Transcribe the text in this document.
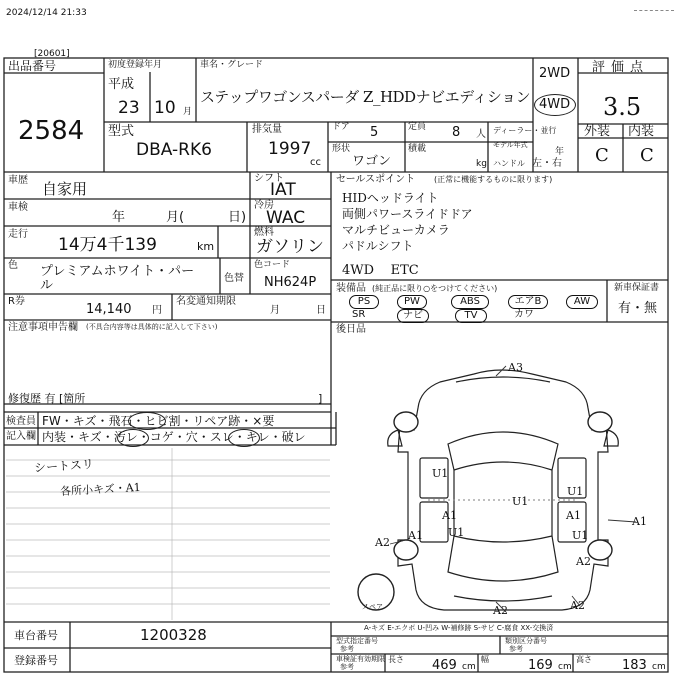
2024/12/14 21:33
[20601]
出品番号
2584
初度登録年月
平成
23 10 月
車名・グレード
ステップワゴンスパーダ Z_HDDナビエディション
2WD
4WD
評価点
3.5
外装 内装
C C
型式
DBA-RK6
排気量
1997
cc
ドア 5	定員 8 人
形状
ワゴン
積載
kg
ディーラー・並行
モデル年式
年
ハンドル 左・右
車歴 自家用
車検
年	月(	日)
走行
14万4千139	km
シフト
IAT
冷房
WAC
燃料
ガソリン
色 プレミアムホワイト・パー
ル	色替
色コード
NH624P
R券
14,140 円
名変通知期限
月	日
注意事項申告欄 (不具合内容等は具体的に記入して下さい)
修復歴 有 [箇所	]
セールスポイント (正常に機能するものに限ります)
HIDヘッドライト
両側パワースライドドア
マルチビューカメラ
パドルシフト
4WD    ETC
装備品 (純正品に限り○をつけてください)
PS	PW	ABS	エアB	AW
SR	ナビ	TV	カワ
新車保証書
有・無
後日品
検査員 FW・キズ・飛石・ヒビ割・リペア跡・×要
記入欄 内装・キズ・汚レ・コゲ・穴・スレ・キレ・破レ
シートスリ
各所小キズ・A1
A3
U1
U1
U1
A1	A1	A1
A1 U1	U1
A2
A2
A2	A2
スペア
A-キズ E-エクボ U-凹み W-補修跡 S-サビ C-腐食 XX-交換済
車台番号	1200328
登録番号
型式指定番号
参考
類別区分番号
参考
車検証有効期限
参考
長さ 469 cm
幅	169 cm
高さ 183 cm
